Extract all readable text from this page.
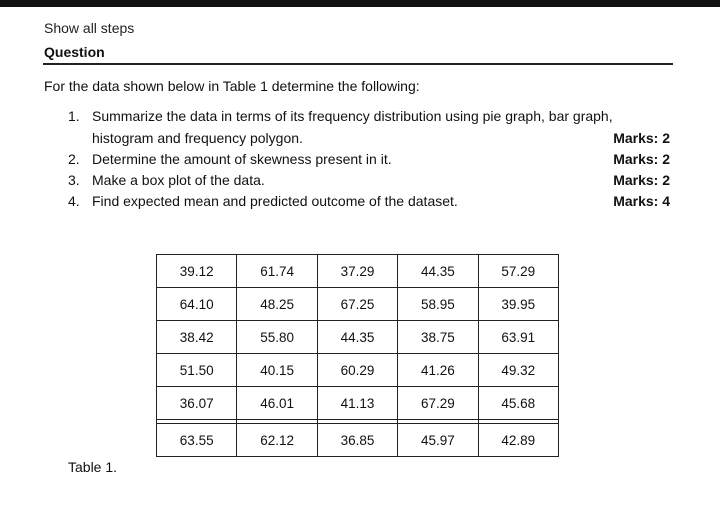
Show all steps
Question
For the data shown below in Table 1 determine the following:
1. Summarize the data in terms of its frequency distribution using pie graph, bar graph,
histogram and frequency polygon.	Marks: 2
2. Determine the amount of skewness present in it.	Marks: 2
3. Make a box plot of the data.	Marks: 2
4. Find expected mean and predicted outcome of the dataset.	Marks: 4
39.12	61.74	37.29	44.35	57.29
64.10	48.25	67.25	58.95	39.95
38.42	55.80	44.35	38.75	63.91
51.50	40.15	60.29	41.26	49.32
36.07	46.01	41.13	67.29	45.68

63.55	62.12	36.85	45.97	42.89
Table 1.
